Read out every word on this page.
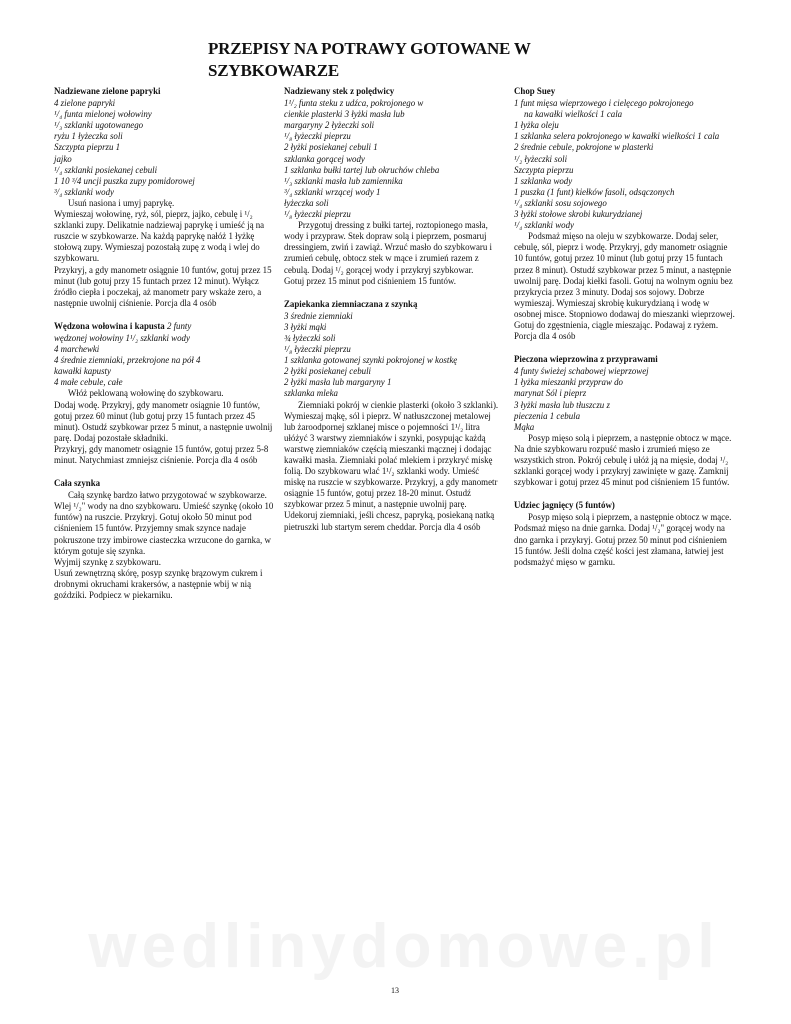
PRZEPISY NA POTRAWY GOTOWANE W
SZYBKOWARZE
Nadziewane zielone papryki
4 zielone papryki
¹/₄ funta mielonej wołowiny
¹/₃ szklanki ugotowanego
ryżu 1 łyżeczka soli
Szczypta pieprzu 1
jajko
¹/₄ szklanki posiekanej cebuli
1 10 ³/4 uncji puszka zupy pomidorowej
³/₄ szklanki wody

Usuń nasiona i umyj paprykę.

Wymieszaj wołowinę, ryż, sól, pieprz, jajko, cebulę i ¹/₂ szklanki zupy. Delikatnie nadziewaj paprykę i umieść ją na ruszcie w szybkowarze. Na każdą paprykę nałóż 1 łyżkę stołową zupy. Wymieszaj pozostałą zupę z wodą i wlej do szybkowaru.

Przykryj, a gdy manometr osiągnie 10 funtów, gotuj przez 15 minut (lub gotuj przy 15 funtach przez 12 minut). Wyłącz źródło ciepła i poczekaj, aż manometr pary wskaże zero, a następnie uwolnij ciśnienie. Porcja dla 4 osób

Wędzona wołowina i kapusta 2 funty
wędzonej wołowiny 1¹/₂ szklanki wody
4 marchewki
4 średnie ziemniaki, przekrojone na pół 4
kawałki kapusty
4 małe cebule, całe

Włóż peklowaną wołowinę do szybkowaru.

Dodaj wodę. Przykryj, gdy manometr osiągnie 10 funtów, gotuj przez 60 minut (lub gotuj przy 15 funtach przez 45 minut). Ostudź szybkowar przez 5 minut, a następnie uwolnij parę. Dodaj pozostałe składniki.

Przykryj, gdy manometr osiągnie 15 funtów, gotuj przez 5-8 minut. Natychmiast zmniejsz ciśnienie. Porcja dla 4 osób

Cała szynka

Całą szynkę bardzo łatwo przygotować w szybkowarze. Wlej ¹/₂" wody na dno szybkowaru. Umieść szynkę (około 10 funtów) na ruszcie. Przykryj. Gotuj około 50 minut pod ciśnieniem 15 funtów. Przyjemny smak szynce nadaje pokruszone trzy imbirowe ciasteczka wrzucone do garnka, w którym gotuje się szynka.

Wyjmij szynkę z szybkowaru.

Usuń zewnętrzną skórę, posyp szynkę brązowym cukrem i drobnymi okruchami krakersów, a następnie wbij w nią goździki. Podpiecz w piekarniku.

Nadziewany stek z polędwicy
1¹/₂ funta steku z udźca, pokrojonego w
cienkie plasterki 3 łyżki masła lub
margaryny 2 łyżeczki soli
¹/₈ łyżeczki pieprzu
2 łyżki posiekanej cebuli 1
szklanka gorącej wody
1 szklanka bułki tartej lub okruchów chleba
¹/₃ szklanki masła lub zamiennika
³/₄ szklanki wrzącej wody 1
łyżeczka soli
¹/₈ łyżeczki pieprzu

Przygotuj dressing z bułki tartej, roztopionego masła, wody i przypraw. Stek dopraw solą i pieprzem, posmaruj dressingiem, zwiń i zawiąż. Wrzuć masło do szybkowaru i zrumień cebulę, obtocz stek w mące i zrumień razem z cebulą. Dodaj ¹/₂ gorącej wody i przykryj szybkowar.

Gotuj przez 15 minut pod ciśnieniem 15 funtów.

Zapiekanka ziemniaczana z szynką
3 średnie ziemniaki
3 łyżki mąki
¾ łyżeczki soli
¹/₈ łyżeczki pieprzu
1 szklanka gotowanej szynki pokrojonej w kostkę
2 łyżki posiekanej cebuli
2 łyżki masła lub margaryny 1
szklanka mleka

Ziemniaki pokrój w cienkie plasterki (około 3 szklanki). Wymieszaj mąkę, sól i pieprz. W natłuszczonej metalowej lub żaroodpornej szklanej misce o pojemności 1¹/₂ litra ułóżyć 3 warstwy ziemniaków i szynki, posypując każdą warstwę ziemniaków częścią mieszanki mącznej i dodając kawałki masła. Ziemniaki polać mlekiem i przykryć miskę folią. Do szybkowaru wlać 1¹/₂ szklanki wody. Umieść miskę na ruszcie w szybkowarze. Przykryj, a gdy manometr osiągnie 15 funtów, gotuj przez 18-20 minut. Ostudź szybkowar przez 5 minut, a następnie uwolnij parę. Udekoruj ziemniaki, jeśli chcesz, papryką, posiekaną natką pietruszki lub startym serem cheddar. Porcja dla 4 osób

Chop Suey
1 funt mięsa wieprzowego i cielęcego pokrojonego
na kawałki wielkości 1 cala
1 łyżka oleju
1 szklanka selera pokrojonego w kawałki wielkości 1 cala
2 średnie cebule, pokrojone w plasterki
¹/₂ łyżeczki soli
Szczypta pieprzu
1 szklanka wody
1 puszka (1 funt) kiełków fasoli, odsączonych
¹/₄ szklanki sosu sojowego
3 łyżki stołowe skrobi kukurydzianej
¹/₄ szklanki wody

Podsmaż mięso na oleju w szybkowarze. Dodaj seler, cebulę, sól, pieprz i wodę. Przykryj, gdy manometr osiągnie 10 funtów, gotuj przez 10 minut (lub gotuj przy 15 funtach przez 8 minut). Ostudź szybkowar przez 5 minut, a następnie uwolnij parę. Dodaj kiełki fasoli. Gotuj na wolnym ogniu bez przykrycia przez 3 minuty. Dodaj sos sojowy. Dobrze wymieszaj. Wymieszaj skrobię kukurydzianą i wodę w osobnej misce. Stopniowo dodawaj do mieszanki wieprzowej. Gotuj do zgęstnienia, ciągle mieszając. Podawaj z ryżem.

Porcja dla 4 osób

Pieczona wieprzowina z przyprawami
4 funty świeżej schabowej wieprzowej
1 łyżka mieszanki przypraw do
marynat Sól i pieprz
3 łyżki masła lub tłuszczu z
pieczenia 1 cebula
Mąka

Posyp mięso solą i pieprzem, a następnie obtocz w mące. Na dnie szybkowaru rozpuść masło i zrumień mięso ze wszystkich stron. Pokrój cebulę i ułóż ją na mięsie, dodaj ¹/₂ szklanki gorącej wody i przykryj zawinięte w gazę. Zamknij szybkowar i gotuj przez 45 minut pod ciśnieniem 15 funtów.

Udziec jagnięcy (5 funtów)

Posyp mięso solą i pieprzem, a następnie obtocz w mące. Podsmaż mięso na dnie garnka. Dodaj ¹/₂" gorącej wody na dno garnka i przykryj. Gotuj przez 50 minut pod ciśnieniem 15 funtów. Jeśli dolna część kości jest złamana, łatwiej jest podsmażyć mięso w garnku.

wedlinydomowe.pl
13
